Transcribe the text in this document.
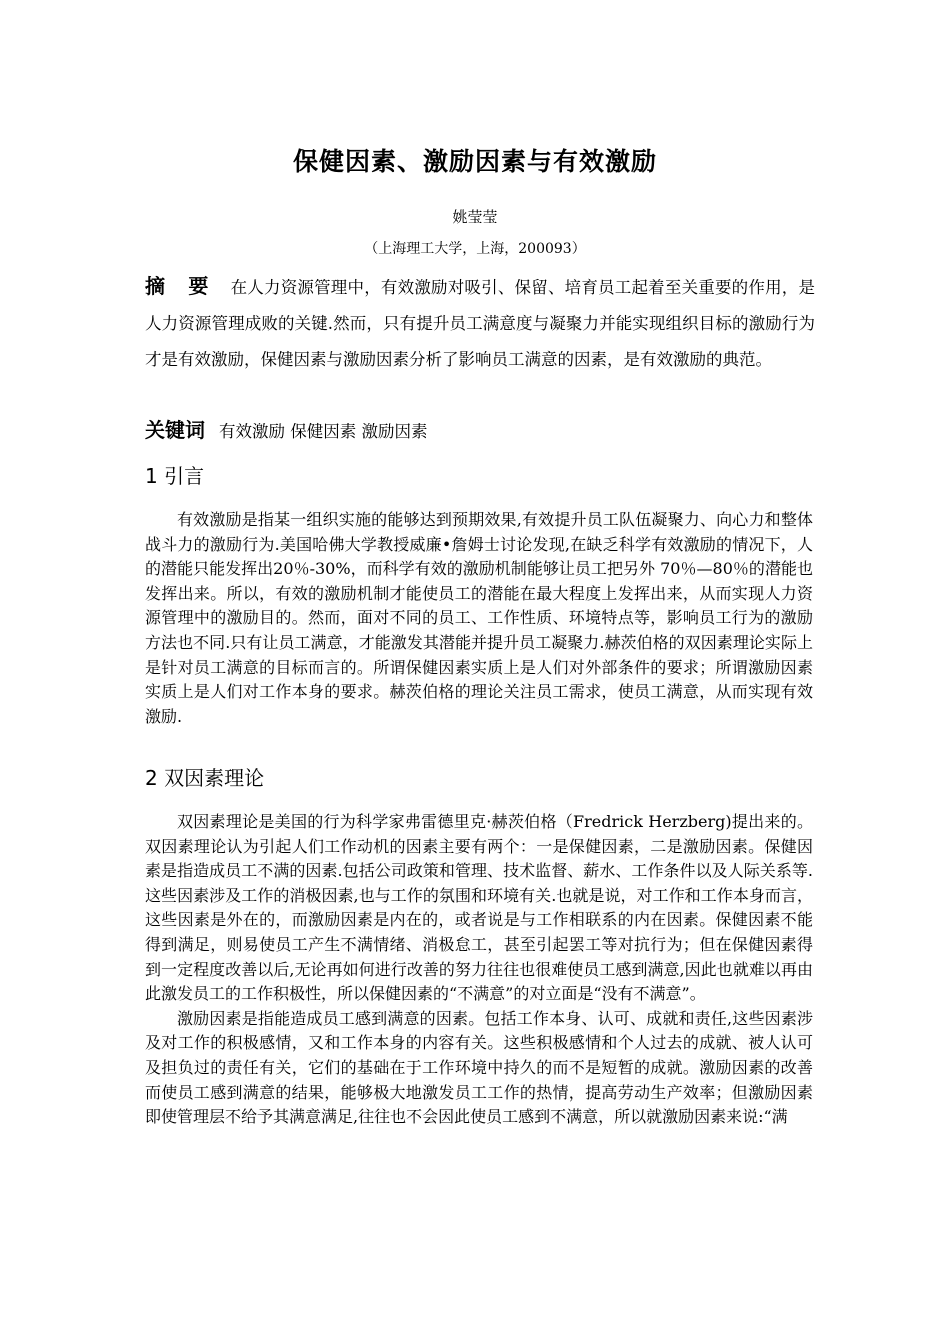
保健因素、激励因素与有效激励
姚莹莹
（上海理工大学，上海，200093）
摘 要 在人力资源管理中，有效激励对吸引、保留、培育员工起着至关重要的作用，是人力资源管理成败的关键.然而，只有提升员工满意度与凝聚力并能实现组织目标的激励行为才是有效激励，保健因素与激励因素分析了影响员工满意的因素，是有效激励的典范。
关键词 有效激励 保健因素 激励因素
1 引言

有效激励是指某一组织实施的能够达到预期效果,有效提升员工队伍凝聚力、向心力和整体战斗力的激励行为.美国哈佛大学教授威廉•詹姆士讨论发现,在缺乏科学有效激励的情况下，人的潜能只能发挥出20％-30%，而科学有效的激励机制能够让员工把另外 70％—80％的潜能也发挥出来。所以，有效的激励机制才能使员工的潜能在最大程度上发挥出来，从而实现人力资源管理中的激励目的。然而，面对不同的员工、工作性质、环境特点等，影响员工行为的激励方法也不同.只有让员工满意，才能激发其潜能并提升员工凝聚力.赫茨伯格的双因素理论实际上是针对员工满意的目标而言的。所谓保健因素实质上是人们对外部条件的要求；所谓激励因素实质上是人们对工作本身的要求。赫茨伯格的理论关注员工需求，使员工满意，从而实现有效激励.

2 双因素理论

双因素理论是美国的行为科学家弗雷德里克·赫茨伯格（Fredrick Herzberg)提出来的。双因素理论认为引起人们工作动机的因素主要有两个：一是保健因素，二是激励因素。保健因素是指造成员工不满的因素.包括公司政策和管理、技术监督、薪水、工作条件以及人际关系等.这些因素涉及工作的消极因素,也与工作的氛围和环境有关.也就是说，对工作和工作本身而言，这些因素是外在的，而激励因素是内在的，或者说是与工作相联系的内在因素。保健因素不能得到满足，则易使员工产生不满情绪、消极怠工，甚至引起罢工等对抗行为；但在保健因素得到一定程度改善以后,无论再如何进行改善的努力往往也很难使员工感到满意,因此也就难以再由此激发员工的工作积极性，所以保健因素的“不满意”的对立面是“没有不满意”。

激励因素是指能造成员工感到满意的因素。包括工作本身、认可、成就和责任,这些因素涉及对工作的积极感情，又和工作本身的内容有关。这些积极感情和个人过去的成就、被人认可及担负过的责任有关，它们的基础在于工作环境中持久的而不是短暂的成就。激励因素的改善而使员工感到满意的结果，能够极大地激发员工工作的热情，提高劳动生产效率；但激励因素即使管理层不给予其满意满足,往往也不会因此使员工感到不满意，所以就激励因素来说:“满
